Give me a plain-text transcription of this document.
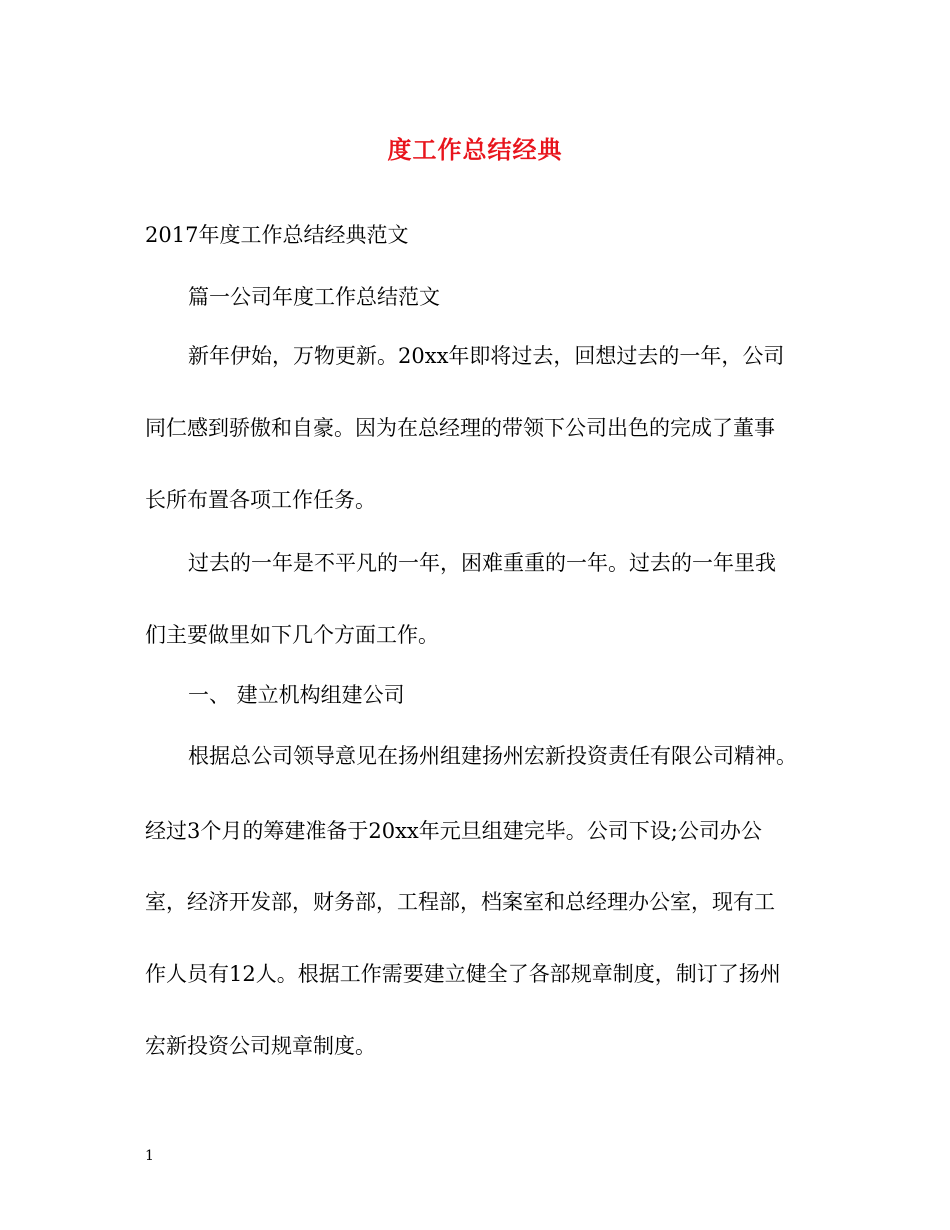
度工作总结经典
2017年度工作总结经典范文
篇一公司年度工作总结范文
新年伊始，万物更新。20xx年即将过去，回想过去的一年，公司
同仁感到骄傲和自豪。因为在总经理的带领下公司出色的完成了董事
长所布置各项工作任务。
过去的一年是不平凡的一年，困难重重的一年。过去的一年里我
们主要做里如下几个方面工作。
一、 建立机构组建公司
根据总公司领导意见在扬州组建扬州宏新投资责任有限公司精神。
经过3个月的筹建准备于20xx年元旦组建完毕。公司下设;公司办公
室，经济开发部，财务部，工程部，档案室和总经理办公室，现有工
作人员有12人。根据工作需要建立健全了各部规章制度，制订了扬州
宏新投资公司规章制度。
1
